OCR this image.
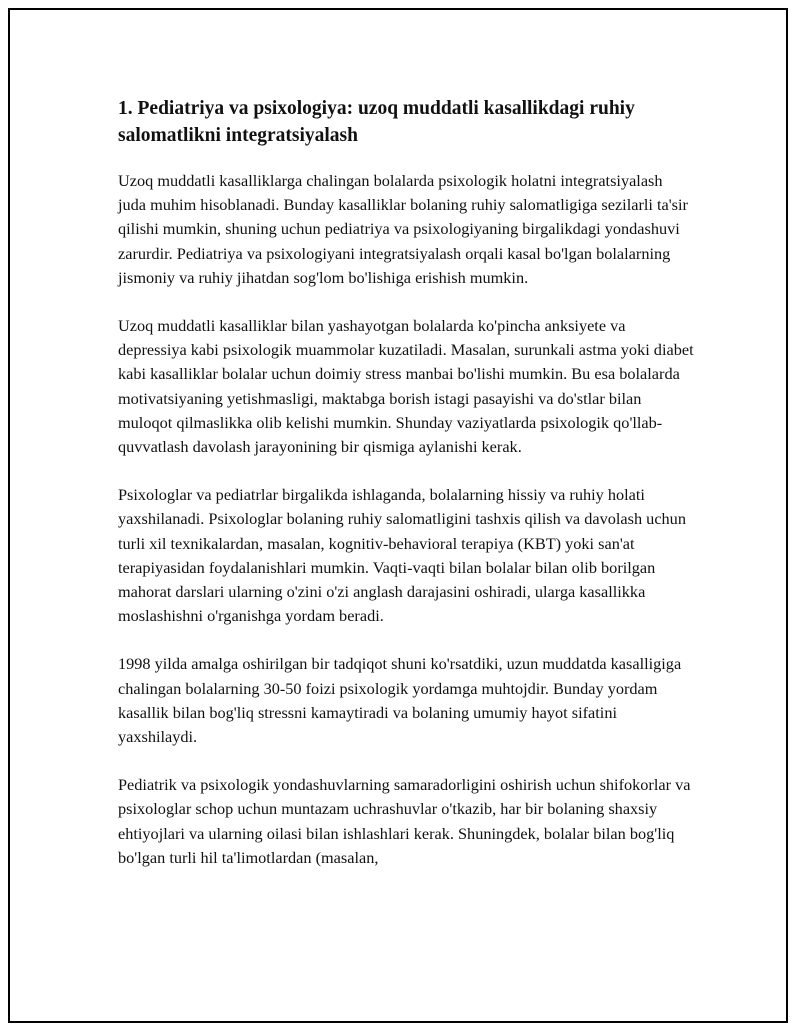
1. Pediatriya va psixologiya: uzoq muddatli kasallikdagi ruhiy salomatlikni integratsiyalash

Uzoq muddatli kasalliklarga chalingan bolalarda psixologik holatni integratsiyalash juda muhim hisoblanadi. Bunday kasalliklar bolaning ruhiy salomatligiga sezilarli ta'sir qilishi mumkin, shuning uchun pediatriya va psixologiyaning birgalikdagi yondashuvi zarurdir. Pediatriya va psixologiyani integratsiyalash orqali kasal bo'lgan bolalarning jismoniy va ruhiy jihatdan sog'lom bo'lishiga erishish mumkin.

Uzoq muddatli kasalliklar bilan yashayotgan bolalarda ko'pincha anksiyete va depressiya kabi psixologik muammolar kuzatiladi. Masalan, surunkali astma yoki diabet kabi kasalliklar bolalar uchun doimiy stress manbai bo'lishi mumkin. Bu esa bolalarda motivatsiyaning yetishmasligi, maktabga borish istagi pasayishi va do'stlar bilan muloqot qilmaslikka olib kelishi mumkin. Shunday vaziyatlarda psixologik qo'llab-quvvatlash davolash jarayonining bir qismiga aylanishi kerak.

Psixologlar va pediatrlar birgalikda ishlaganda, bolalarning hissiy va ruhiy holati yaxshilanadi. Psixologlar bolaning ruhiy salomatligini tashxis qilish va davolash uchun turli xil texnikalardan, masalan, kognitiv-behavioral terapiya (KBT) yoki san'at terapiyasidan foydalanishlari mumkin. Vaqti-vaqti bilan bolalar bilan olib borilgan mahorat darslari ularning o'zini o'zi anglash darajasini oshiradi, ularga kasallikka moslashishni o'rganishga yordam beradi.

1998 yilda amalga oshirilgan bir tadqiqot shuni ko'rsatdiki, uzun muddatda kasalligiga chalingan bolalarning 30-50 foizi psixologik yordamga muhtojdir. Bunday yordam kasallik bilan bog'liq stressni kamaytiradi va bolaning umumiy hayot sifatini yaxshilaydi.

Pediatrik va psixologik yondashuvlarning samaradorligini oshirish uchun shifokorlar va psixologlar schop uchun muntazam uchrashuvlar o'tkazib, har bir bolaning shaxsiy ehtiyojlari va ularning oilasi bilan ishlashlari kerak. Shuningdek, bolalar bilan bog'liq bo'lgan turli hil ta'limotlardan (masalan,
